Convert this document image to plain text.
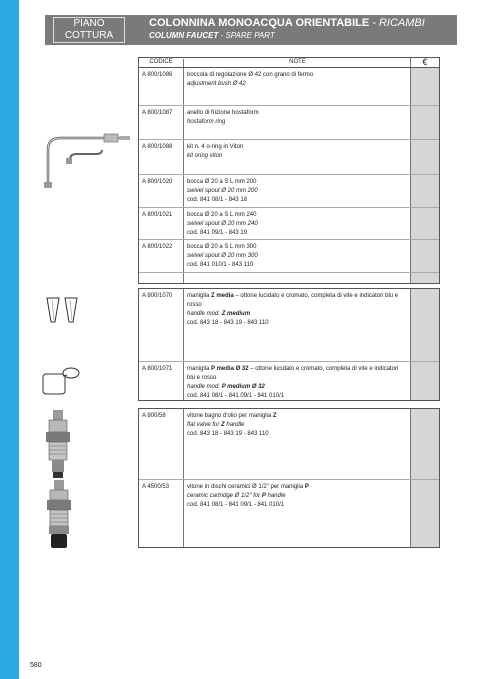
PIANO
COTTURA
COLONNINA MONOACQUA ORIENTABILE - RICAMBI
COLUMN FAUCET - SPARE PART
CODICE	NOTE	€
A 800/1086	boccola di regolazione Ø 42 con grano di fermo
adjustment bush Ø 42
A 800/1087	anello di frizione hostaform
hostaform ring
A 800/1088	kit n. 4 o-ring in Viton
kit oring viton
A 800/1020	bocca Ø 20 a S L mm 200
swivel spout Ø 20 mm 200
cod. 841 08/1 - 843 18
A 800/1021	bocca Ø 20 a S L mm 240
swivel spout Ø 20 mm 240
cod. 841 09/1 - 843 19
A 800/1022	bocca Ø 20 a S L mm 300
swivel spout Ø 20 mm 300
cod. 841 010/1 - 843 110
A 800/1070	maniglia Z media – ottone lucidato e cromato, completa di vite e indicatori blu e rosso
handle mod. Z medium
cod. 843 18 - 843 19 - 843 110
A 800/1071	maniglia P media Ø 32 – ottone lucidato e cromato, completa di vite e indicatori blu e rosso
handle mod. P medium Ø 32
cod. 841 08/1 - 841 09/1 - 841 010/1
A 800/58	vitone bagno d'olio per maniglia Z
flat valve for Z handle
cod. 843 18 - 843 19 - 843 110
A 4500/53	vitone in dischi ceramici Ø 1/2" per maniglia P
ceramic cartridge Ø 1/2" for P handle
cod. 841 08/1 - 841 09/1 - 841 010/1
580
